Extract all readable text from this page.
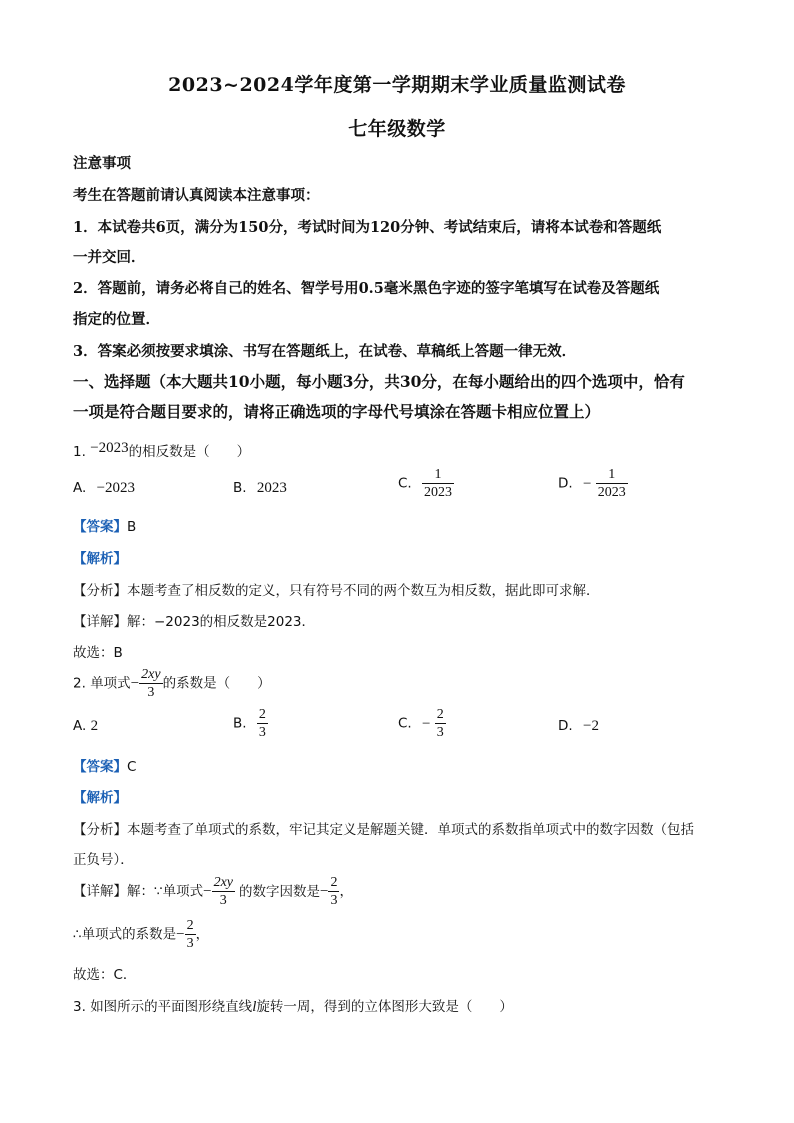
2023~2024学年度第一学期期末学业质量监测试卷
七年级数学
注意事项
考生在答题前请认真阅读本注意事项：
1．本试卷共6页，满分为150分，考试时间为120分钟、考试结束后，请将本试卷和答题纸
一并交回．
2．答题前，请务必将自己的姓名、智学号用0.5毫米黑色字迹的签字笔填写在试卷及答题纸
指定的位置．
3．答案必须按要求填涂、书写在答题纸上，在试卷、草稿纸上答题一律无效．
一、选择题（本大题共10小题，每小题3分，共30分，在每小题给出的四个选项中，恰有
一项是符合题目要求的，请将正确选项的字母代号填涂在答题卡相应位置上）
1. −2023的相反数是（　　）
A. −2023	B. 2023	C. $\frac{1}{2023}$	D. − $\frac{1}{2023}$
【答案】B
【解析】
【分析】本题考查了相反数的定义，只有符号不同的两个数互为相反数，据此即可求解．
【详解】解：−2023的相反数是2023．
故选：B
2. 单项式− $\frac{2xy}{3}$ 的系数是（　　）
A. 2	B. $\frac{2}{3}$	C. − $\frac{2}{3}$	D. −2
【答案】C
【解析】
【分析】本题考查了单项式的系数，牢记其定义是解题关键．单项式的系数指单项式中的数字因数（包括
正负号）．
【详解】解：∵单项式− $\frac{2xy}{3}$ 的数字因数是− $\frac{2}{3}$ ，
∴单项式的系数是− $\frac{2}{3}$ ，
故选：C．
3. 如图所示的平面图形绕直线l旋转一周，得到的立体图形大致是（　　）
